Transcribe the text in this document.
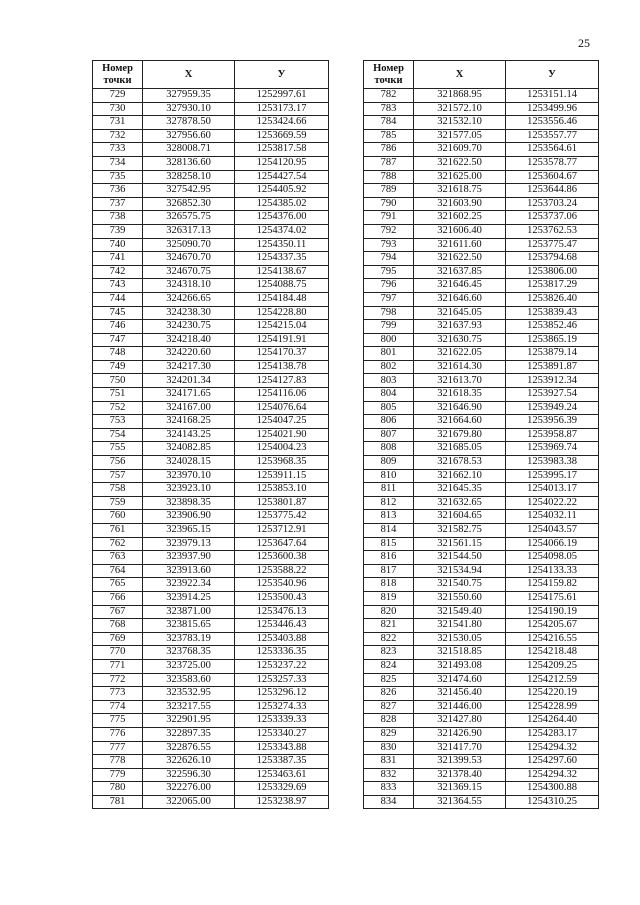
25
Номер
точки	X	У
729	327959.35	1252997.61
730	327930.10	1253173.17
731	327878.50	1253424.66
732	327956.60	1253669.59
733	328008.71	1253817.58
734	328136.60	1254120.95
735	328258.10	1254427.54
736	327542.95	1254405.92
737	326852.30	1254385.02
738	326575.75	1254376.00
739	326317.13	1254374.02
740	325090.70	1254350.11
741	324670.70	1254337.35
742	324670.75	1254138.67
743	324318.10	1254088.75
744	324266.65	1254184.48
745	324238.30	1254228.80
746	324230.75	1254215.04
747	324218.40	1254191.91
748	324220.60	1254170.37
749	324217.30	1254138.78
750	324201.34	1254127.83
751	324171.65	1254116.06
752	324167.00	1254076.64
753	324168.25	1254047.25
754	324143.25	1254021.90
755	324082.85	1254004.23
756	324028.15	1253968.35
757	323970.10	1253911.15
758	323923.10	1253853.10
759	323898.35	1253801.87
760	323906.90	1253775.42
761	323965.15	1253712.91
762	323979.13	1253647.64
763	323937.90	1253600.38
764	323913.60	1253588.22
765	323922.34	1253540.96
766	323914.25	1253500.43
767	323871.00	1253476.13
768	323815.65	1253446.43
769	323783.19	1253403.88
770	323768.35	1253336.35
771	323725.00	1253237.22
772	323583.60	1253257.33
773	323532.95	1253296.12
774	323217.55	1253274.33
775	322901.95	1253339.33
776	322897.35	1253340.27
777	322876.55	1253343.88
778	322626.10	1253387.35
779	322596.30	1253463.61
780	322276.00	1253329.69
781	322065.00	1253238.97
Номер
точки	X	У
782	321868.95	1253151.14
783	321572.10	1253499.96
784	321532.10	1253556.46
785	321577.05	1253557.77
786	321609.70	1253564.61
787	321622.50	1253578.77
788	321625.00	1253604.67
789	321618.75	1253644.86
790	321603.90	1253703.24
791	321602.25	1253737.06
792	321606.40	1253762.53
793	321611.60	1253775.47
794	321622.50	1253794.68
795	321637.85	1253806.00
796	321646.45	1253817.29
797	321646.60	1253826.40
798	321645.05	1253839.43
799	321637.93	1253852.46
800	321630.75	1253865.19
801	321622.05	1253879.14
802	321614.30	1253891.87
803	321613.70	1253912.34
804	321618.35	1253927.54
805	321646.90	1253949.24
806	321664.60	1253956.39
807	321679.80	1253958.87
808	321685.05	1253969.74
809	321678.53	1253983.38
810	321662.10	1253995.17
811	321645.35	1254013.17
812	321632.65	1254022.22
813	321604.65	1254032.11
814	321582.75	1254043.57
815	321561.15	1254066.19
816	321544.50	1254098.05
817	321534.94	1254133.33
818	321540.75	1254159.82
819	321550.60	1254175.61
820	321549.40	1254190.19
821	321541.80	1254205.67
822	321530.05	1254216.55
823	321518.85	1254218.48
824	321493.08	1254209.25
825	321474.60	1254212.59
826	321456.40	1254220.19
827	321446.00	1254228.99
828	321427.80	1254264.40
829	321426.90	1254283.17
830	321417.70	1254294.32
831	321399.53	1254297.60
832	321378.40	1254294.32
833	321369.15	1254300.88
834	321364.55	1254310.25
